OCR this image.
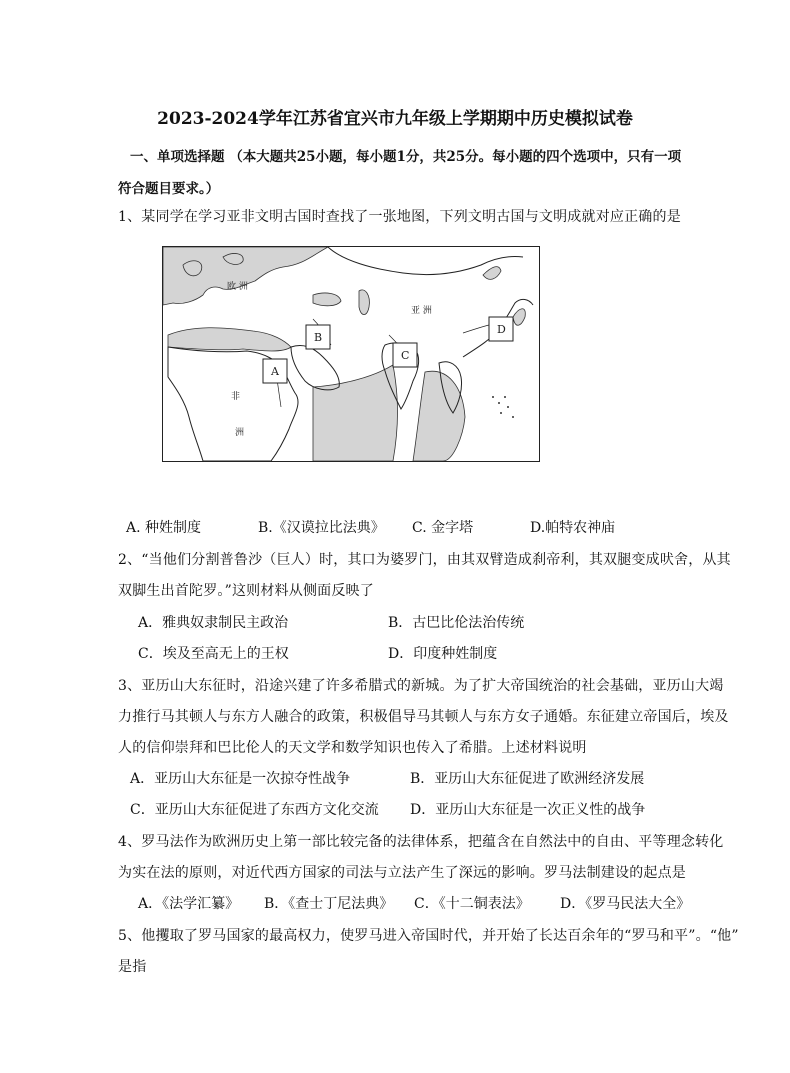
2023-2024学年江苏省宜兴市九年级上学期期中历史模拟试卷
一、单项选择题 （本大题共25小题，每小题1分，共25分。每小题的四个选项中，只有一项
符合题目要求。）
1、某同学在学习亚非文明古国时查找了一张地图，下列文明古国与文明成就对应正确的是
欧 洲
亚 洲
非
洲
A
B
C
D
A. 种姓制度	B.《汉谟拉比法典》 C. 金字塔	D.帕特农神庙
2、“当他们分割普鲁沙（巨人）时，其口为婆罗门，由其双臂造成刹帝利，其双腿变成吠舍，从其
双脚生出首陀罗。”这则材料从侧面反映了
A．雅典奴隶制民主政治	B．古巴比伦法治传统
C．埃及至高无上的王权	D．印度种姓制度
3、亚历山大东征时，沿途兴建了许多希腊式的新城。为了扩大帝国统治的社会基础，亚历山大竭
力推行马其顿人与东方人融合的政策，积极倡导马其顿人与东方女子通婚。东征建立帝国后，埃及
人的信仰崇拜和巴比伦人的天文学和数学知识也传入了希腊。上述材料说明
A．亚历山大东征是一次掠夺性战争	B．亚历山大东征促进了欧洲经济发展
C．亚历山大东征促进了东西方文化交流 D．亚历山大东征是一次正义性的战争
4、罗马法作为欧洲历史上第一部比较完备的法律体系，把蕴含在自然法中的自由、平等理念转化
为实在法的原则，对近代西方国家的司法与立法产生了深远的影响。罗马法制建设的起点是
A．《法学汇纂》 B．《查士丁尼法典》 C．《十二铜表法》 D．《罗马民法大全》
5、他攫取了罗马国家的最高权力，使罗马进入帝国时代，并开始了长达百余年的“罗马和平”。“他”
是指
